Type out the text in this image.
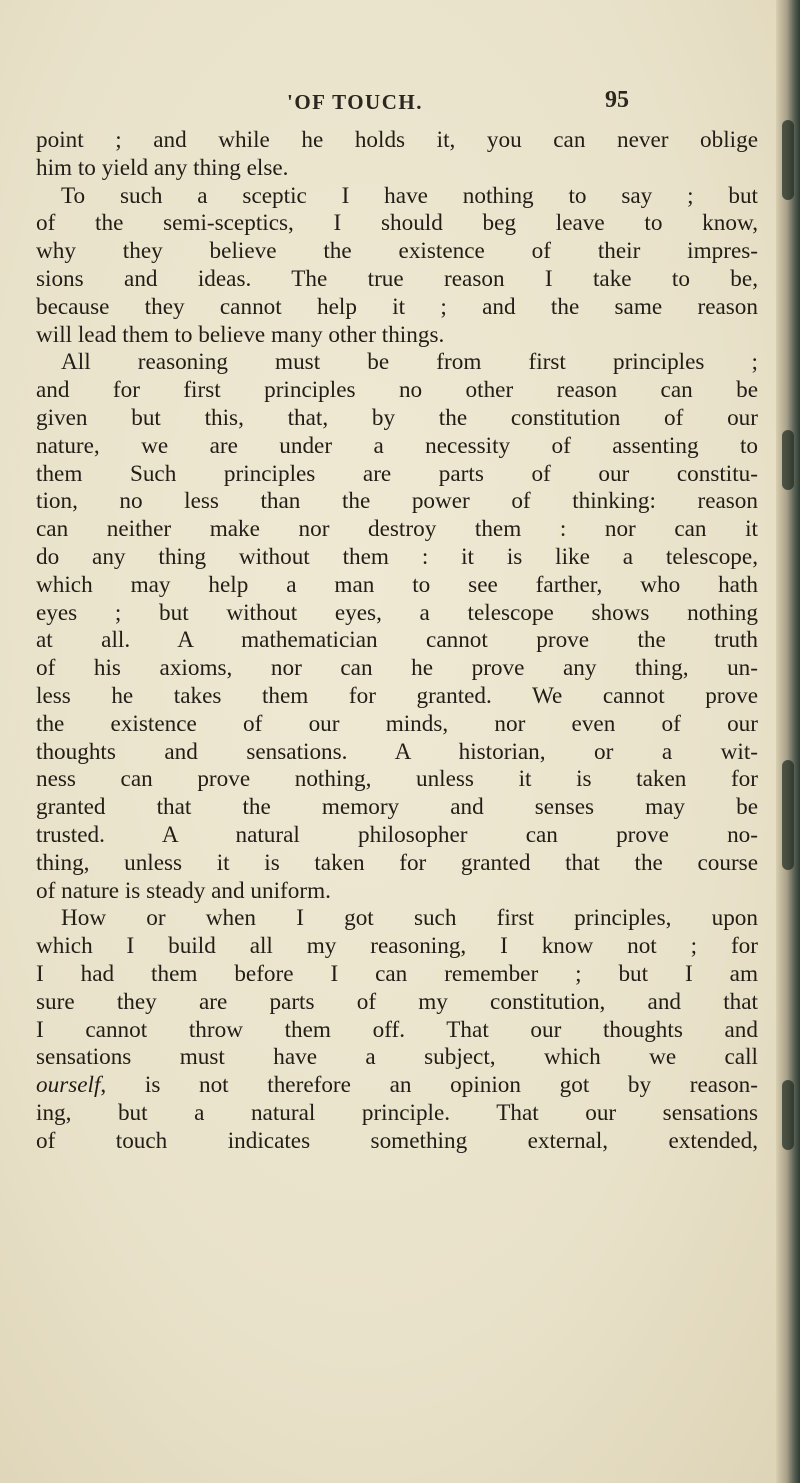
'OF TOUCH.	95
point ; and while he holds it, you can never oblige
him to yield any thing else.
To such a sceptic I have nothing to say ; but
of the semi-sceptics, I should beg leave to know,
why they believe the existence of their impres-
sions and ideas. The true reason I take to be,
because they cannot help it ; and the same reason
will lead them to believe many other things.
All reasoning must be from first principles ;
and for first principles no other reason can be
given but this, that, by the constitution of our
nature, we are under a necessity of assenting to
them Such principles are parts of our constitu-
tion, no less than the power of thinking: reason
can neither make nor destroy them : nor can it
do any thing without them : it is like a telescope,
which may help a man to see farther, who hath
eyes ; but without eyes, a telescope shows nothing
at all. A mathematician cannot prove the truth
of his axioms, nor can he prove any thing, un-
less he takes them for granted. We cannot prove
the existence of our minds, nor even of our
thoughts and sensations. A historian, or a wit-
ness can prove nothing, unless it is taken for
granted that the memory and senses may be
trusted. A natural philosopher can prove no-
thing, unless it is taken for granted that the course
of nature is steady and uniform.
How or when I got such first principles, upon
which I build all my reasoning, I know not ; for
I had them before I can remember ; but I am
sure they are parts of my constitution, and that
I cannot throw them off. That our thoughts and
sensations must have a subject, which we call
ourself, is not therefore an opinion got by reason-
ing, but a natural principle. That our sensations
of touch indicates something external, extended,
